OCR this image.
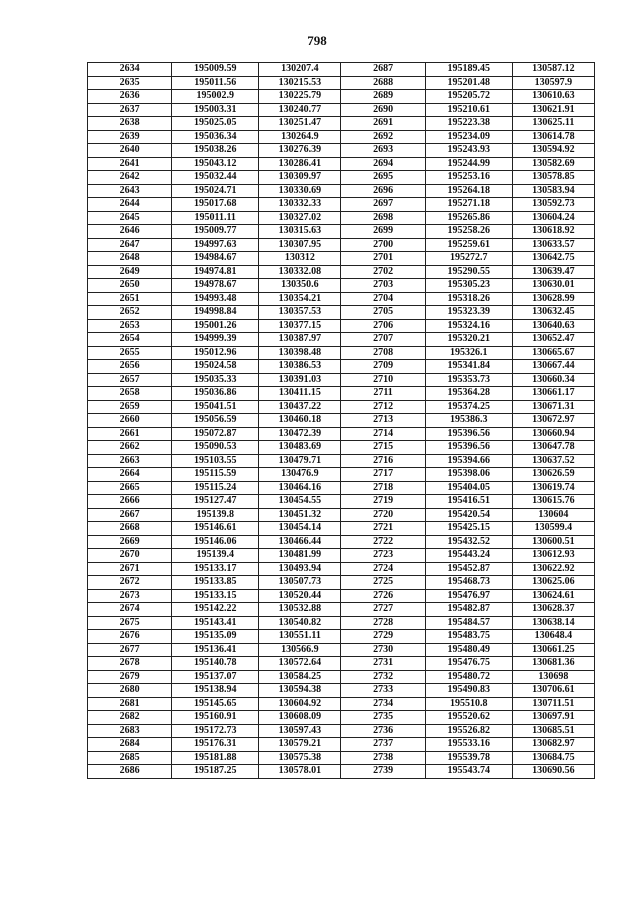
798
2634	195009.59	130207.4	2687	195189.45	130587.12
2635	195011.56	130215.53	2688	195201.48	130597.9
2636	195002.9	130225.79	2689	195205.72	130610.63
2637	195003.31	130240.77	2690	195210.61	130621.91
2638	195025.05	130251.47	2691	195223.38	130625.11
2639	195036.34	130264.9	2692	195234.09	130614.78
2640	195038.26	130276.39	2693	195243.93	130594.92
2641	195043.12	130286.41	2694	195244.99	130582.69
2642	195032.44	130309.97	2695	195253.16	130578.85
2643	195024.71	130330.69	2696	195264.18	130583.94
2644	195017.68	130332.33	2697	195271.18	130592.73
2645	195011.11	130327.02	2698	195265.86	130604.24
2646	195009.77	130315.63	2699	195258.26	130618.92
2647	194997.63	130307.95	2700	195259.61	130633.57
2648	194984.67	130312	2701	195272.7	130642.75
2649	194974.81	130332.08	2702	195290.55	130639.47
2650	194978.67	130350.6	2703	195305.23	130630.01
2651	194993.48	130354.21	2704	195318.26	130628.99
2652	194998.84	130357.53	2705	195323.39	130632.45
2653	195001.26	130377.15	2706	195324.16	130640.63
2654	194999.39	130387.97	2707	195320.21	130652.47
2655	195012.96	130398.48	2708	195326.1	130665.67
2656	195024.58	130386.53	2709	195341.84	130667.44
2657	195035.33	130391.03	2710	195353.73	130660.34
2658	195036.86	130411.15	2711	195364.28	130661.17
2659	195041.51	130437.22	2712	195374.25	130671.31
2660	195056.59	130460.18	2713	195386.3	130672.97
2661	195072.87	130472.39	2714	195396.56	130660.94
2662	195090.53	130483.69	2715	195396.56	130647.78
2663	195103.55	130479.71	2716	195394.66	130637.52
2664	195115.59	130476.9	2717	195398.06	130626.59
2665	195115.24	130464.16	2718	195404.05	130619.74
2666	195127.47	130454.55	2719	195416.51	130615.76
2667	195139.8	130451.32	2720	195420.54	130604
2668	195146.61	130454.14	2721	195425.15	130599.4
2669	195146.06	130466.44	2722	195432.52	130600.51
2670	195139.4	130481.99	2723	195443.24	130612.93
2671	195133.17	130493.94	2724	195452.87	130622.92
2672	195133.85	130507.73	2725	195468.73	130625.06
2673	195133.15	130520.44	2726	195476.97	130624.61
2674	195142.22	130532.88	2727	195482.87	130628.37
2675	195143.41	130540.82	2728	195484.57	130638.14
2676	195135.09	130551.11	2729	195483.75	130648.4
2677	195136.41	130566.9	2730	195480.49	130661.25
2678	195140.78	130572.64	2731	195476.75	130681.36
2679	195137.07	130584.25	2732	195480.72	130698
2680	195138.94	130594.38	2733	195490.83	130706.61
2681	195145.65	130604.92	2734	195510.8	130711.51
2682	195160.91	130608.09	2735	195520.62	130697.91
2683	195172.73	130597.43	2736	195526.82	130685.51
2684	195176.31	130579.21	2737	195533.16	130682.97
2685	195181.88	130575.38	2738	195539.78	130684.75
2686	195187.25	130578.01	2739	195543.74	130690.56
